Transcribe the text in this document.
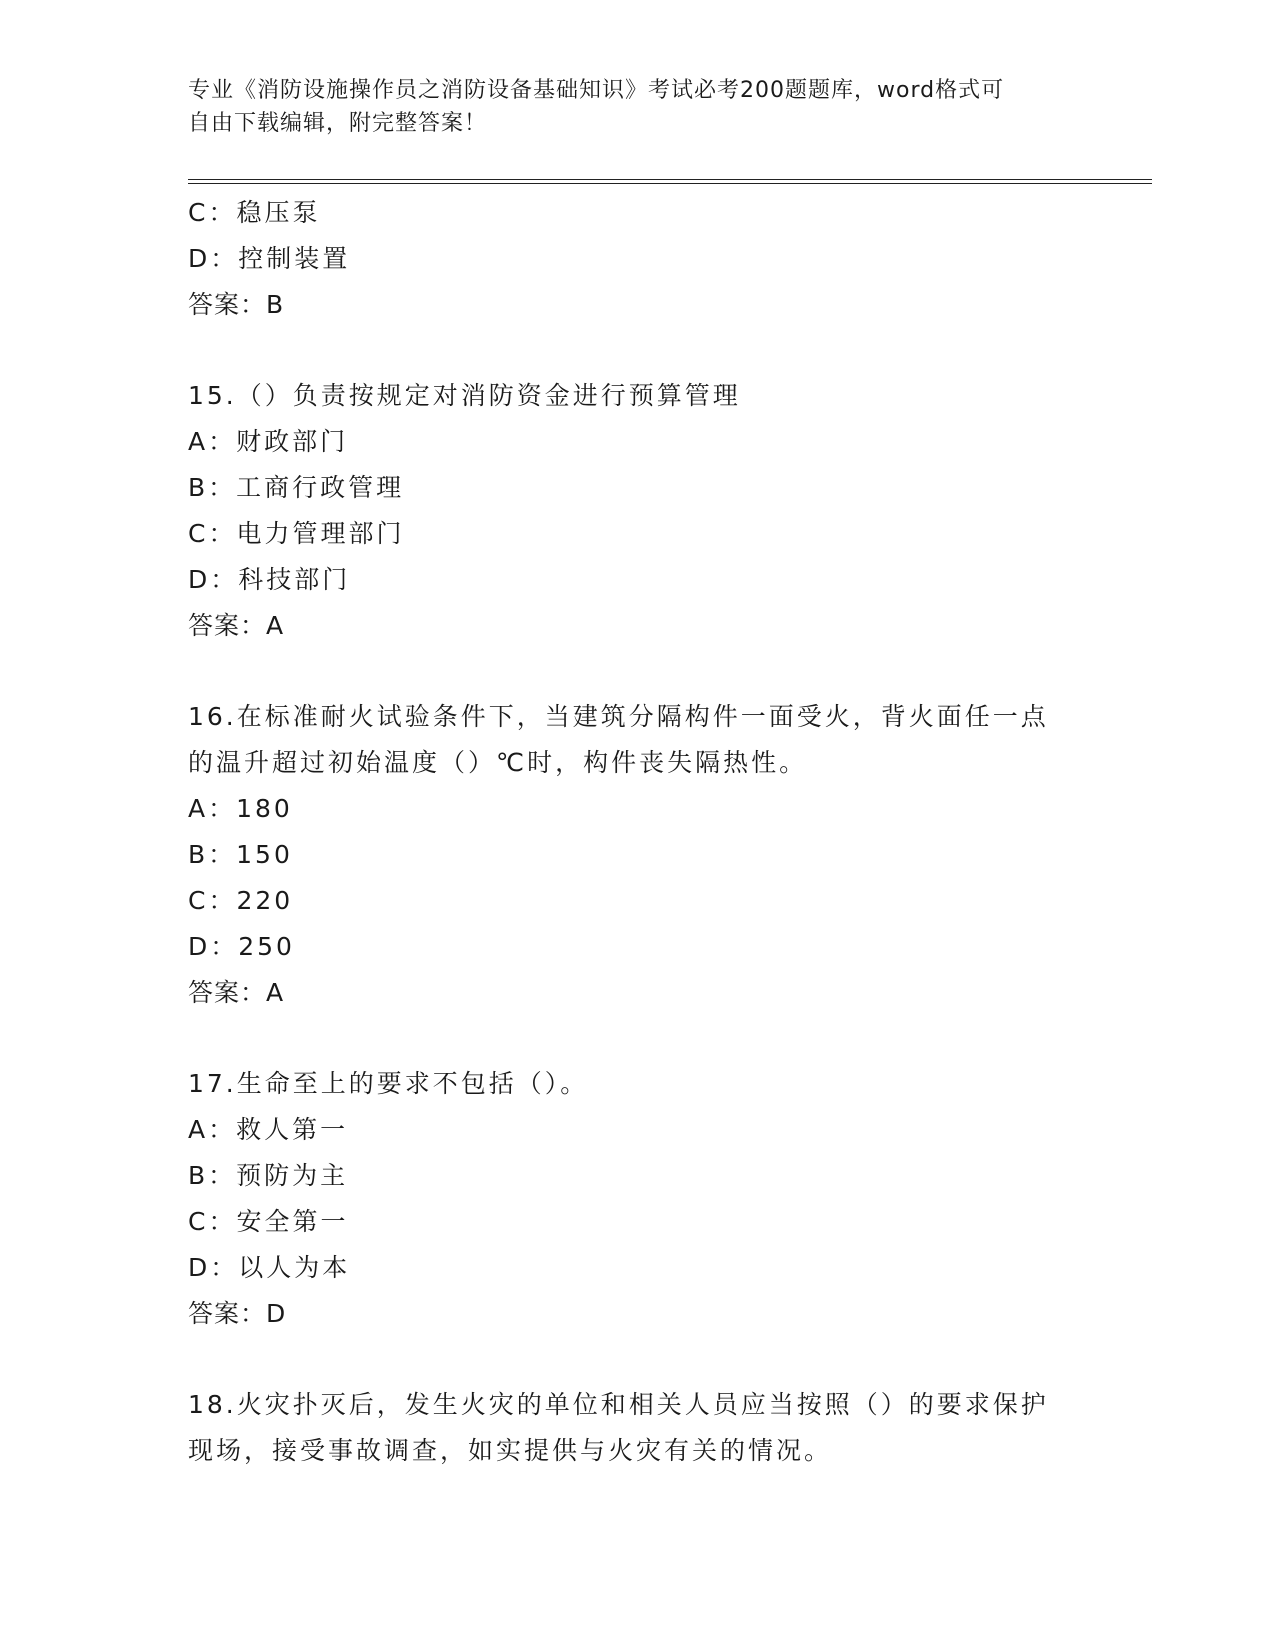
专业《消防设施操作员之消防设备基础知识》考试必考200题题库，word格式可
自由下载编辑，附完整答案！
C：稳压泵
D：控制装置
答案：B
15.（）负责按规定对消防资金进行预算管理
A：财政部门
B：工商行政管理
C：电力管理部门
D：科技部门
答案：A
16.在标准耐火试验条件下，当建筑分隔构件一面受火，背火面任一点
的温升超过初始温度（）℃时，构件丧失隔热性。
A：180
B：150
C：220
D：250
答案：A
17.生命至上的要求不包括（）。
A：救人第一
B：预防为主
C：安全第一
D：以人为本
答案：D
18.火灾扑灭后，发生火灾的单位和相关人员应当按照（）的要求保护
现场，接受事故调查，如实提供与火灾有关的情况。
